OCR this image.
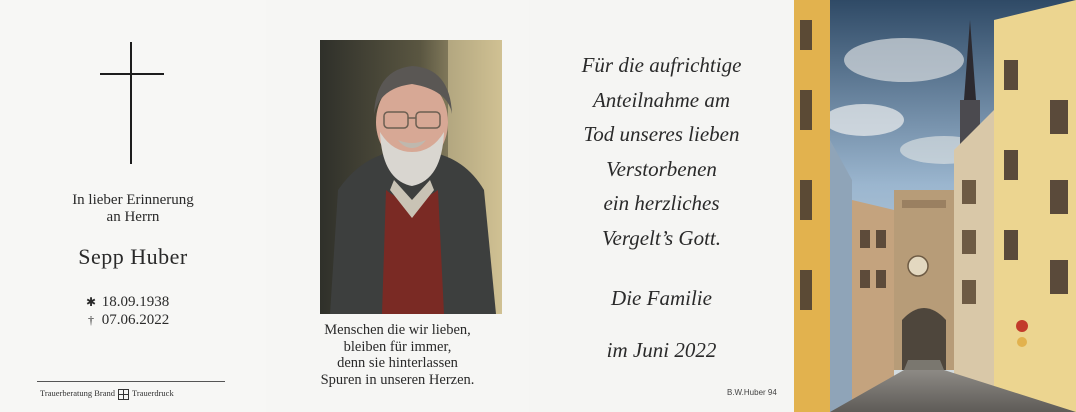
In lieber Erinnerung
an Herrn
Sepp Huber
✱ 18.09.1938
† 07.06.2022
Trauerberatung Brand Trauerdruck
Menschen die wir lieben,
bleiben für immer,
denn sie hinterlassen
Spuren in unseren Herzen.
Für die aufrichtige
Anteilnahme am
Tod unseres lieben
Verstorbenen
ein herzliches
Vergelt’s Gott.
Die Familie
im Juni 2022
B.W.Huber 94
